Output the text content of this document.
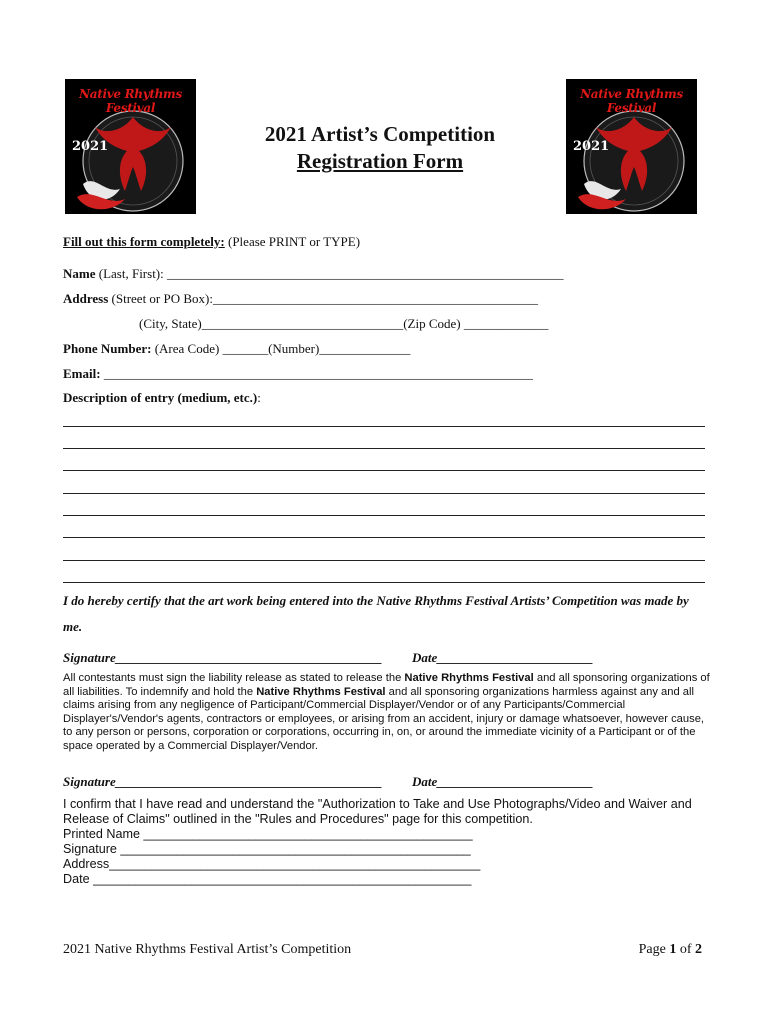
Native Rhythms Festival
2021
Native Rhythms Festival
2021
2021 Artist’s Competition
Registration Form
Fill out this form completely: (Please PRINT or TYPE)
Name (Last, First): _____________________________________________________________
Address (Street or PO Box):__________________________________________________
(City, State)_______________________________(Zip Code) _____________
Phone Number: (Area Code) _______(Number)______________
Email: __________________________________________________________________
Description of entry (medium, etc.):
I do hereby certify that the art work being entered into the Native Rhythms Festival Artists’ Competition was made by me.
Signature_________________________________________ Date________________________
All contestants must sign the liability release as stated to release the Native Rhythms Festival and all sponsoring organizations of all liabilities. To indemnify and hold the Native Rhythms Festival and all sponsoring organizations harmless against any and all claims arising from any negligence of Participant/Commercial Displayer/Vendor or of any Participants/Commercial Displayer's/Vendor's agents, contractors or employees, or arising from an accident, injury or damage whatsoever, however cause, to any person or persons, corporation or corporations, occurring in, on, or around the immediate vicinity of a Participant or of the space operated by a Commercial Displayer/Vendor.
Signature_________________________________________ Date________________________
I confirm that I have read and understand the "Authorization to Take and Use Photographs/Video and Waiver and Release of Claims" outlined in the "Rules and Procedures" page for this competition.
Printed Name _______________________________________________
Signature __________________________________________________
Address_____________________________________________________
Date ______________________________________________________
2021 Native Rhythms Festival Artist’s Competition	Page 1 of 2
